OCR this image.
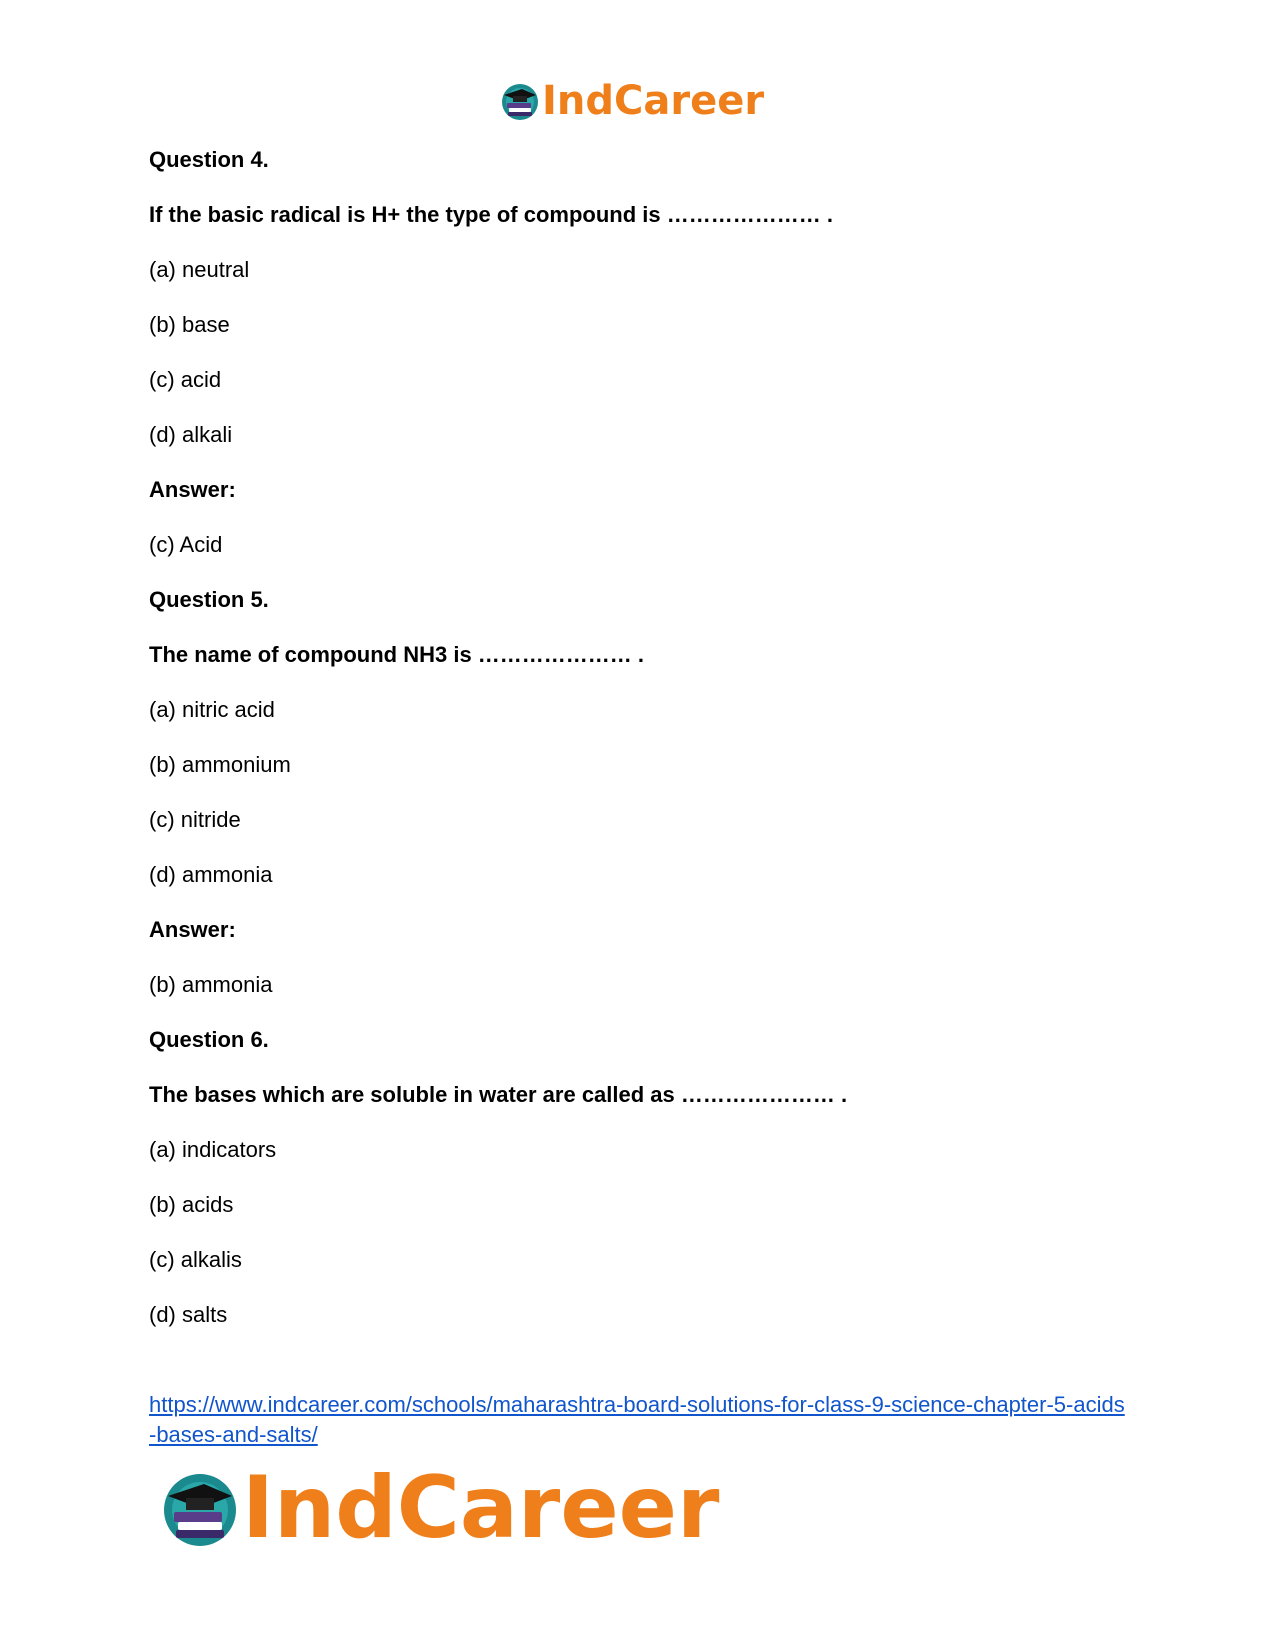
IndCareer
Question 4.
If the basic radical is H+ the type of compound is ………………… .
(a) neutral
(b) base
(c) acid
(d) alkali
Answer:
(c) Acid
Question 5.
The name of compound NH3 is ………………… .
(a) nitric acid
(b) ammonium
(c) nitride
(d) ammonia
Answer:
(b) ammonia
Question 6.
The bases which are soluble in water are called as ………………… .
(a) indicators
(b) acids
(c) alkalis
(d) salts
https://www.indcareer.com/schools/maharashtra-board-solutions-for-class-9-science-chapter-5-acids-bases-and-salts/
IndCareer
